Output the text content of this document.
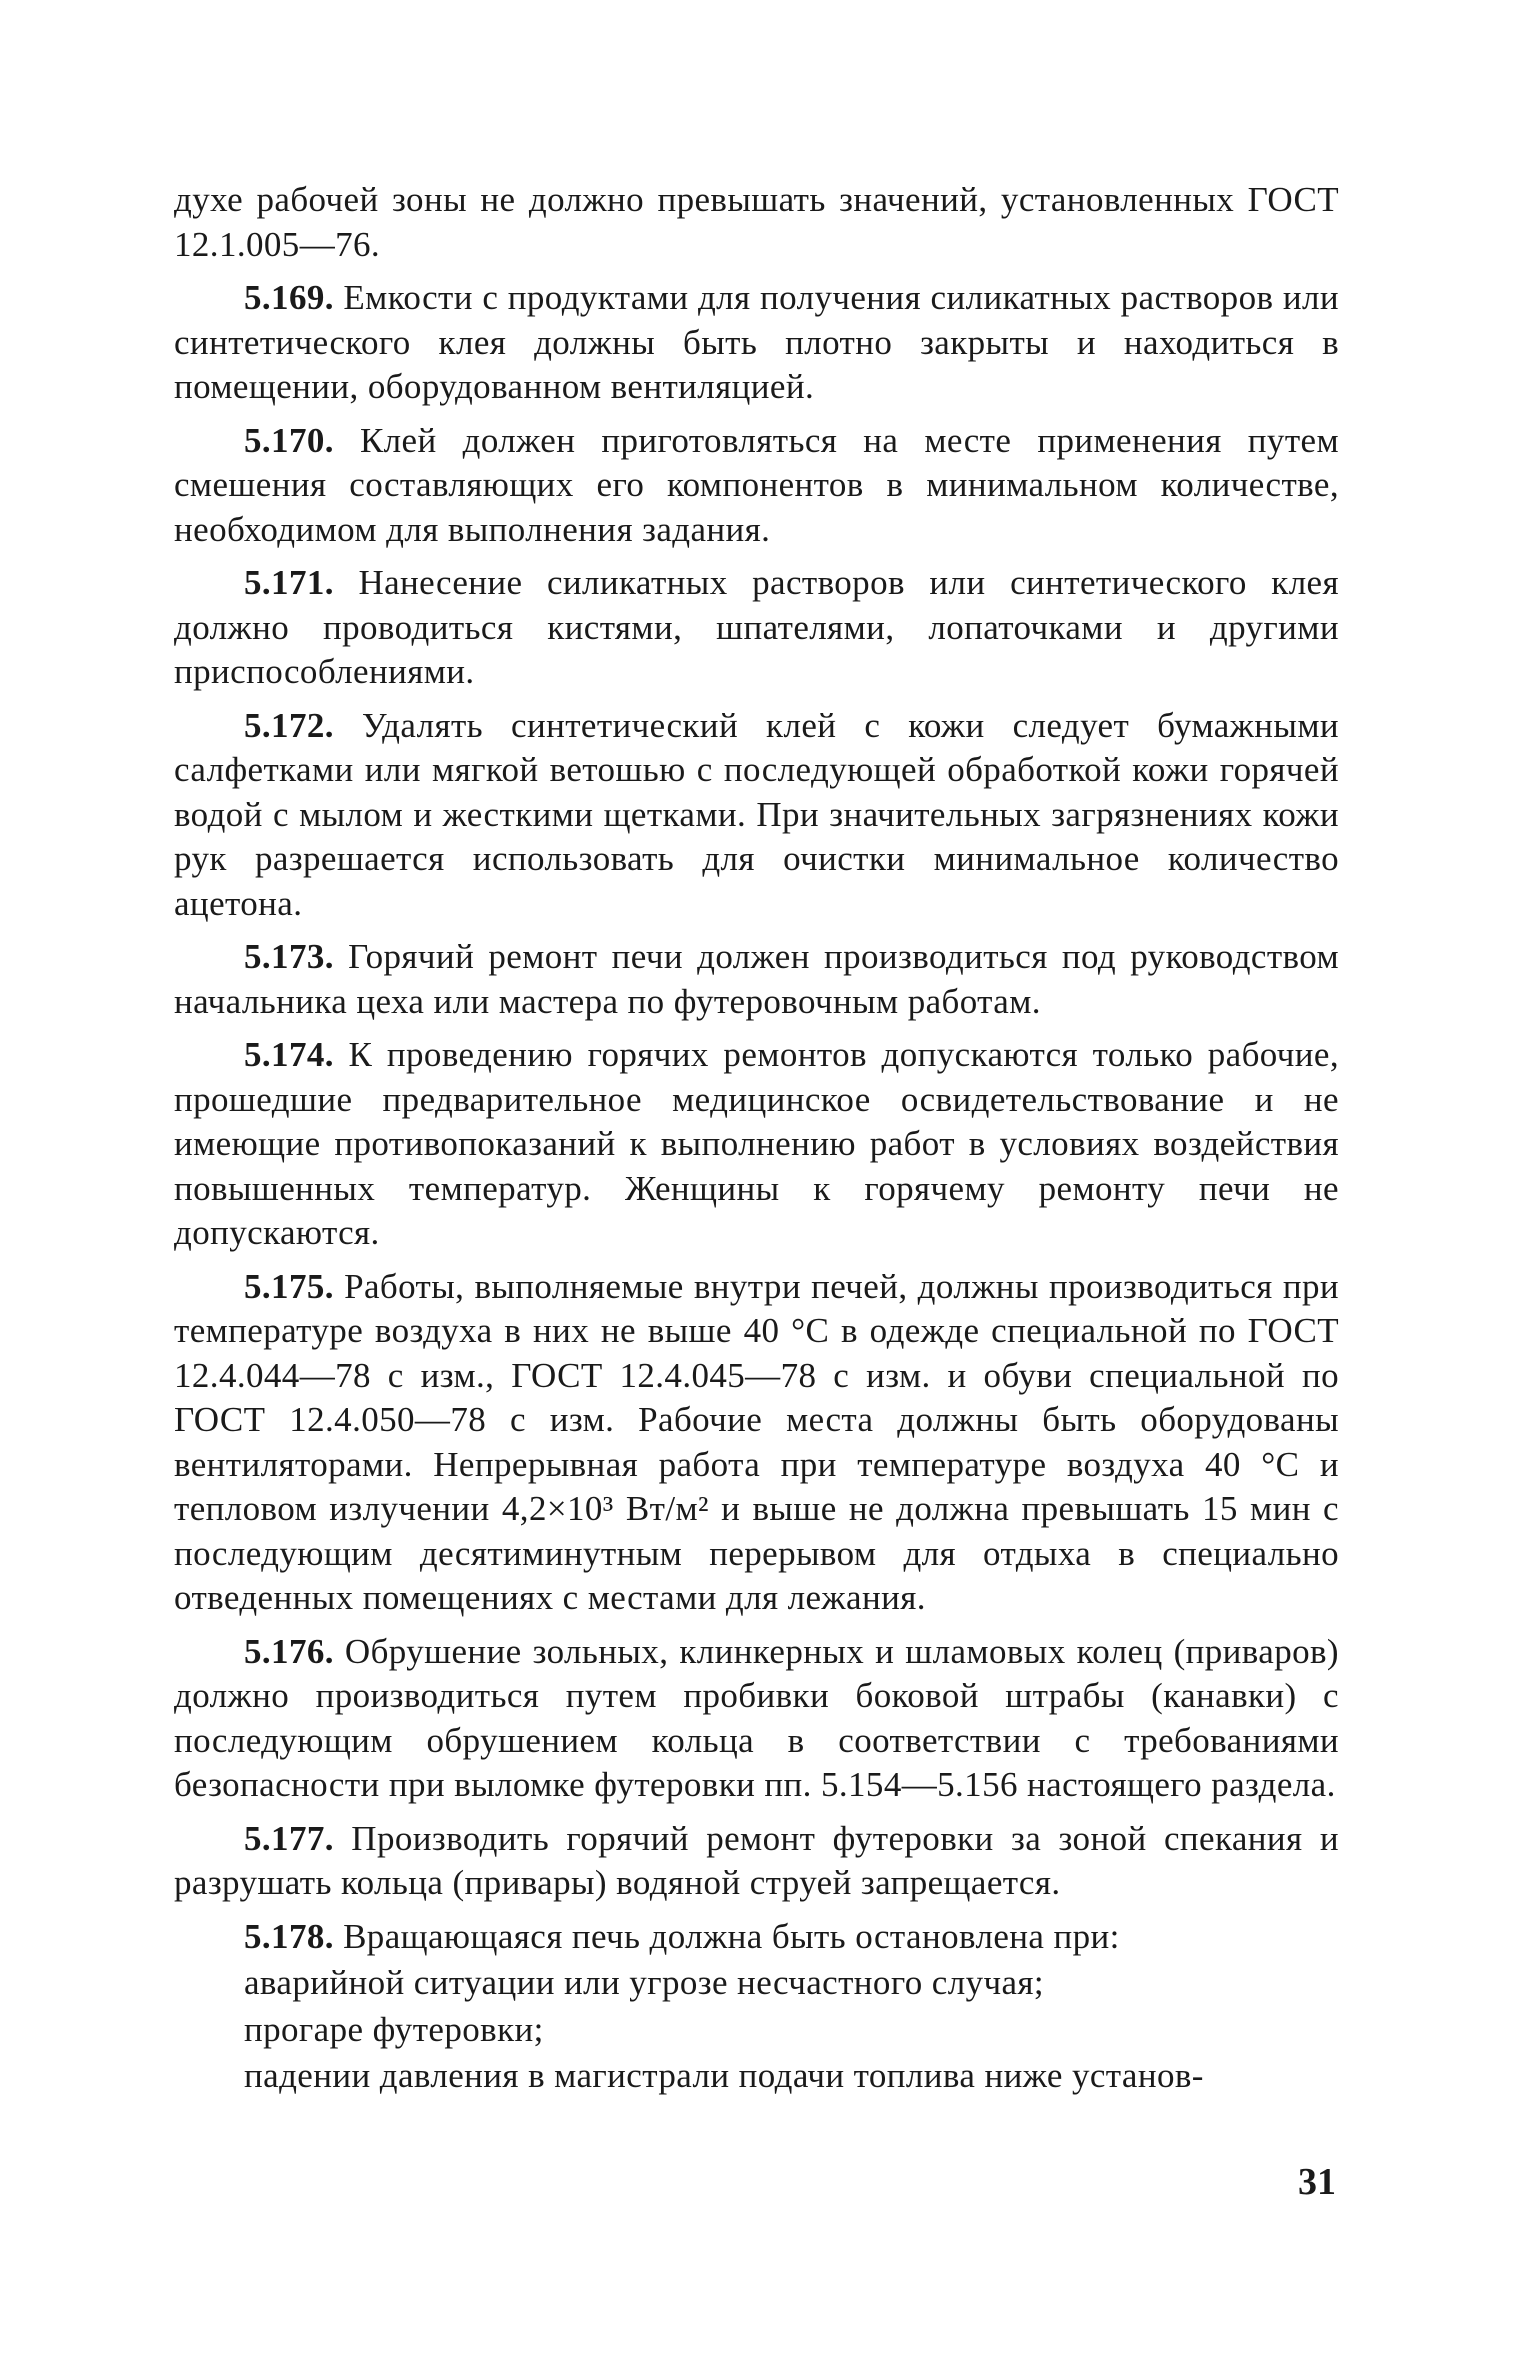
духе рабочей зоны не должно превышать значений, установленных ГОСТ 12.1.005—76.

5.169. Емкости с продуктами для получения силикатных растворов или синтетического клея должны быть плотно закрыты и находиться в помещении, оборудованном вентиляцией.

5.170. Клей должен приготовляться на месте применения путем смешения составляющих его компонентов в минимальном количестве, необходимом для выполнения задания.

5.171. Нанесение силикатных растворов или синтетического клея должно проводиться кистями, шпателями, лопаточками и другими приспособлениями.

5.172. Удалять синтетический клей с кожи следует бумажными салфетками или мягкой ветошью с последующей обработкой кожи горячей водой с мылом и жесткими щетками. При значительных загрязнениях кожи рук разрешается использовать для очистки минимальное количество ацетона.

5.173. Горячий ремонт печи должен производиться под руководством начальника цеха или мастера по футеровочным работам.

5.174. К проведению горячих ремонтов допускаются только рабочие, прошедшие предварительное медицинское освидетельствование и не имеющие противопоказаний к выполнению работ в условиях воздействия повышенных температур. Женщины к горячему ремонту печи не допускаются.

5.175. Работы, выполняемые внутри печей, должны производиться при температуре воздуха в них не выше 40 °С в одежде специальной по ГОСТ 12.4.044—78 с изм., ГОСТ 12.4.045—78 с изм. и обуви специальной по ГОСТ 12.4.050—78 с изм. Рабочие места должны быть оборудованы вентиляторами. Непрерывная работа при температуре воздуха 40 °С и тепловом излучении 4,2×10³ Вт/м² и выше не должна превышать 15 мин с последующим десятиминутным перерывом для отдыха в специально отведенных помещениях с местами для лежания.

5.176. Обрушение зольных, клинкерных и шламовых колец (приваров) должно производиться путем пробивки боковой штрабы (канавки) с последующим обрушением кольца в соответствии с требованиями безопасности при выломке футеровки пп. 5.154—5.156 настоящего раздела.

5.177. Производить горячий ремонт футеровки за зоной спекания и разрушать кольца (привары) водяной струей запрещается.

5.178. Вращающаяся печь должна быть остановлена при:

аварийной ситуации или угрозе несчастного случая;

прогаре футеровки;

падении давления в магистрали подачи топлива ниже установ-

31
